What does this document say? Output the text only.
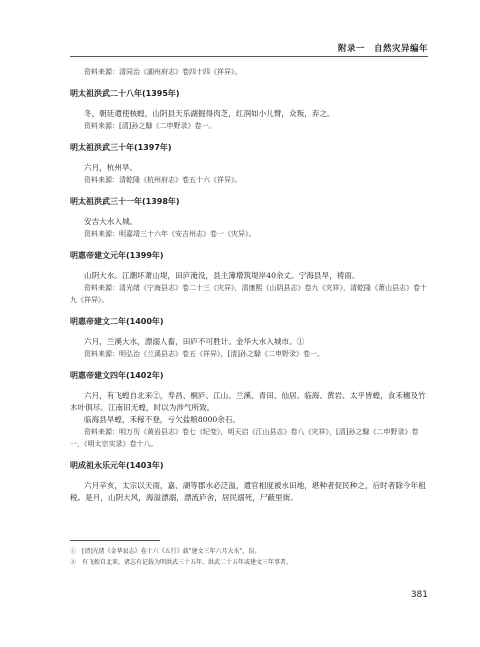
附录一　自然灾异编年

资料来源：清同治《湖州府志》卷四十四《祥异》。

明太祖洪武二十八年(1395年)

冬，朝廷遣使核蝗，山阴县天乐湖掘得肉芝，红润如小儿臂，众叛，弃之。

资料来源：[清]孙之騄《二申野录》卷一。

明太祖洪武三十年(1397年)

六月，杭州旱。

资料来源：清乾隆《杭州府志》卷五十六《祥异》。

明太祖洪武三十一年(1398年)

安吉大水入城。

资料来源：明嘉靖三十六年《安吉州志》卷一《灾异》。

明惠帝建文元年(1399年)

山阴大水。江潮坏萧山堤，田庐淹没，县主簿增筑堤岸40余丈。宁海县旱，祷雨。

资料来源：清光绪《宁海县志》卷二十三《灾异》，清康熙《山阴县志》卷九《灾祥》，清乾隆《萧山县志》卷十九《祥异》。

明惠帝建文二年(1400年)

六月，兰溪大水，漂溺人畜，田庐不可胜计。金华大水入城市。①

资料来源：明弘治《兰溪县志》卷五《祥异》，[清]孙之騄《二申野录》卷一。

明惠帝建文四年(1402年)

六月，有飞蝗自北来②，寿昌、桐庐、江山、兰溪、青田、仙居、临海、黄岩、太平皆蝗，食禾穗及竹木叶俱尽。江南旧无蝗，时以为涉气所致。

临海县旱蝗，禾稼不登，亏欠盐粮8000余石。

资料来源：明万历《黄岩县志》卷七《纪变》，明天启《江山县志》卷八《灾祥》，[清]孙之騄《二申野录》卷一，《明太宗实录》卷十八。

明成祖永乐元年(1403年)

六月辛亥，太宗以天雨，嘉、湖等郡水必泛溢，遣官相度被水田地，堪种者促民种之，后时者除今年租税。是月，山阴大风，海溢漂溺，漂流庐舍，居民溺死，尸蔽里街。

①　[清]光绪《金华县志》卷十六《五行》载"建文三年六月大水"，误。

②　有飞蝗自北来，诸志有记载为明洪武三十五年、洪武二十五年或建文三年事者。

381
